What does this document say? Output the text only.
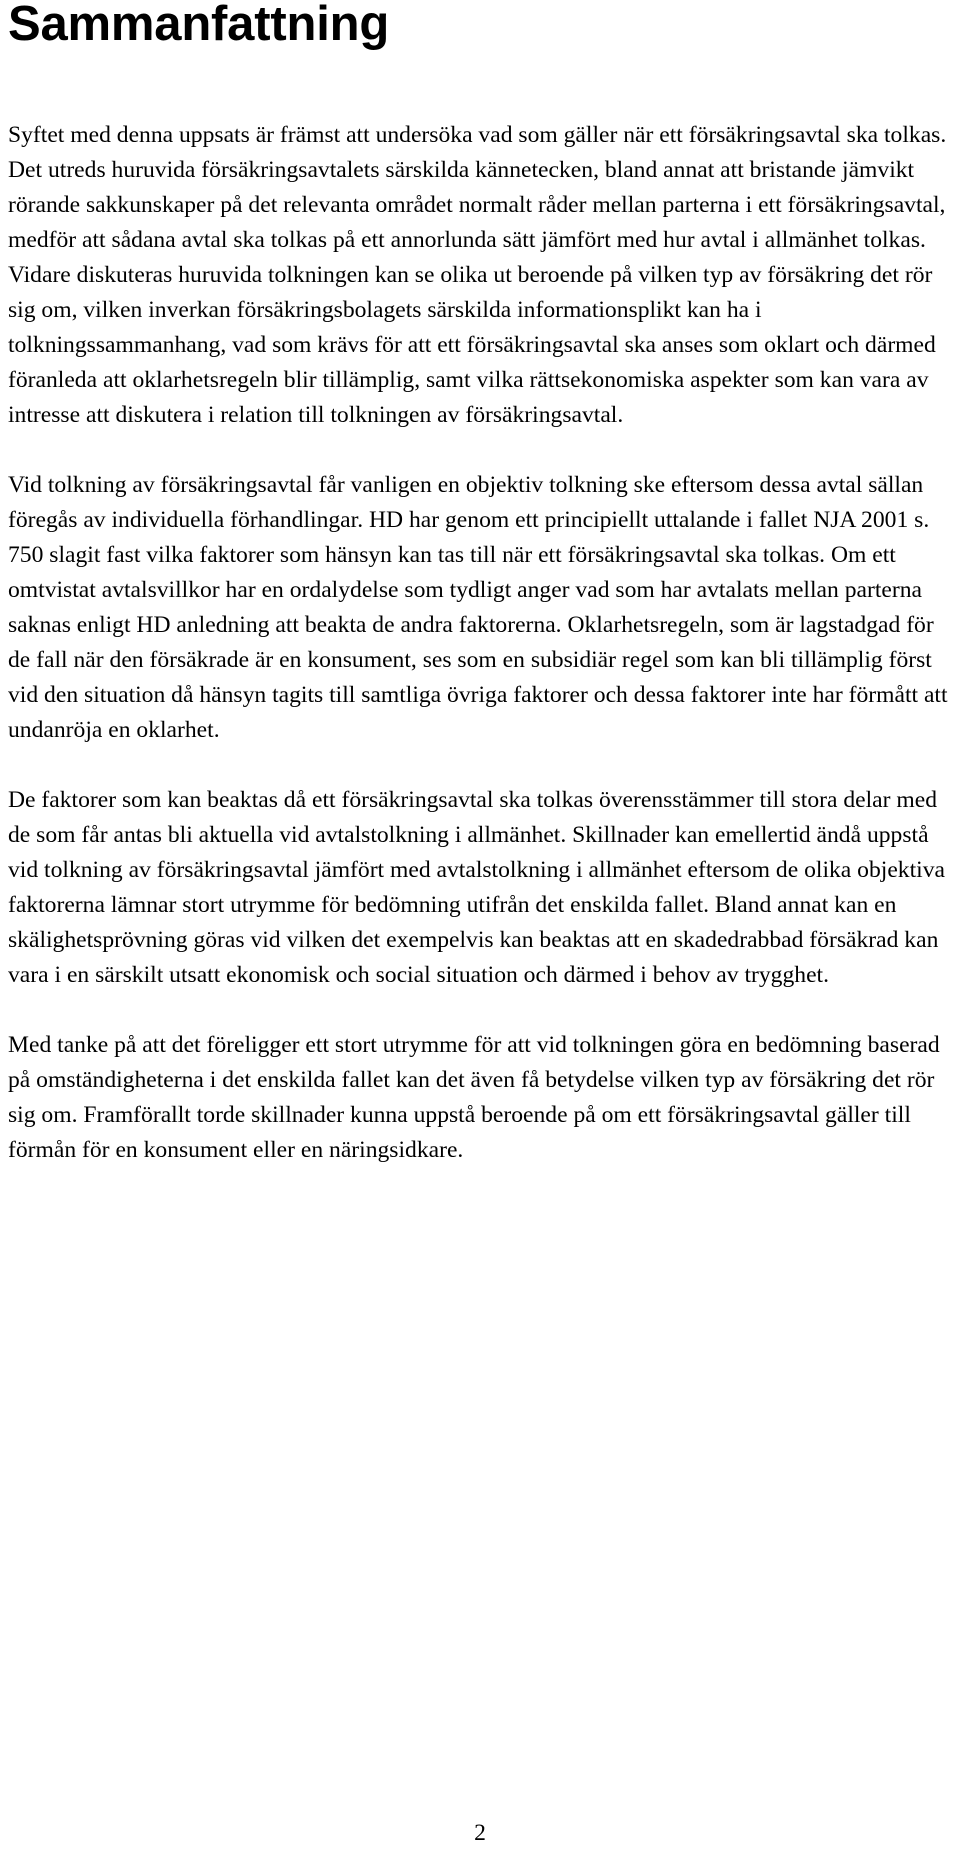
Sammanfattning

Syftet med denna uppsats är främst att undersöka vad som gäller när ett försäkringsavtal ska tolkas. Det utreds huruvida försäkringsavtalets särskilda kännetecken, bland annat att bristande jämvikt rörande sakkunskaper på det relevanta området normalt råder mellan parterna i ett försäkringsavtal, medför att sådana avtal ska tolkas på ett annorlunda sätt jämfört med hur avtal i allmänhet tolkas. Vidare diskuteras huruvida tolkningen kan se olika ut beroende på vilken typ av försäkring det rör sig om, vilken inverkan försäkringsbolagets särskilda informationsplikt kan ha i tolkningssammanhang, vad som krävs för att ett försäkringsavtal ska anses som oklart och därmed föranleda att oklarhetsregeln blir tillämplig, samt vilka rättsekonomiska aspekter som kan vara av intresse att diskutera i relation till tolkningen av försäkringsavtal.

Vid tolkning av försäkringsavtal får vanligen en objektiv tolkning ske eftersom dessa avtal sällan föregås av individuella förhandlingar. HD har genom ett principiellt uttalande i fallet NJA 2001 s. 750 slagit fast vilka faktorer som hänsyn kan tas till när ett försäkringsavtal ska tolkas. Om ett omtvistat avtalsvillkor har en ordalydelse som tydligt anger vad som har avtalats mellan parterna saknas enligt HD anledning att beakta de andra faktorerna. Oklarhetsregeln, som är lagstadgad för de fall när den försäkrade är en konsument, ses som en subsidiär regel som kan bli tillämplig först vid den situation då hänsyn tagits till samtliga övriga faktorer och dessa faktorer inte har förmått att undanröja en oklarhet.

De faktorer som kan beaktas då ett försäkringsavtal ska tolkas överensstämmer till stora delar med de som får antas bli aktuella vid avtalstolkning i allmänhet. Skillnader kan emellertid ändå uppstå vid tolkning av försäkringsavtal jämfört med avtalstolkning i allmänhet eftersom de olika objektiva faktorerna lämnar stort utrymme för bedömning utifrån det enskilda fallet. Bland annat kan en skälighetsprövning göras vid vilken det exempelvis kan beaktas att en skadedrabbad försäkrad kan vara i en särskilt utsatt ekonomisk och social situation och därmed i behov av trygghet.

Med tanke på att det föreligger ett stort utrymme för att vid tolkningen göra en bedömning baserad på omständigheterna i det enskilda fallet kan det även få betydelse vilken typ av försäkring det rör sig om. Framförallt torde skillnader kunna uppstå beroende på om ett försäkringsavtal gäller till förmån för en konsument eller en näringsidkare.

2
